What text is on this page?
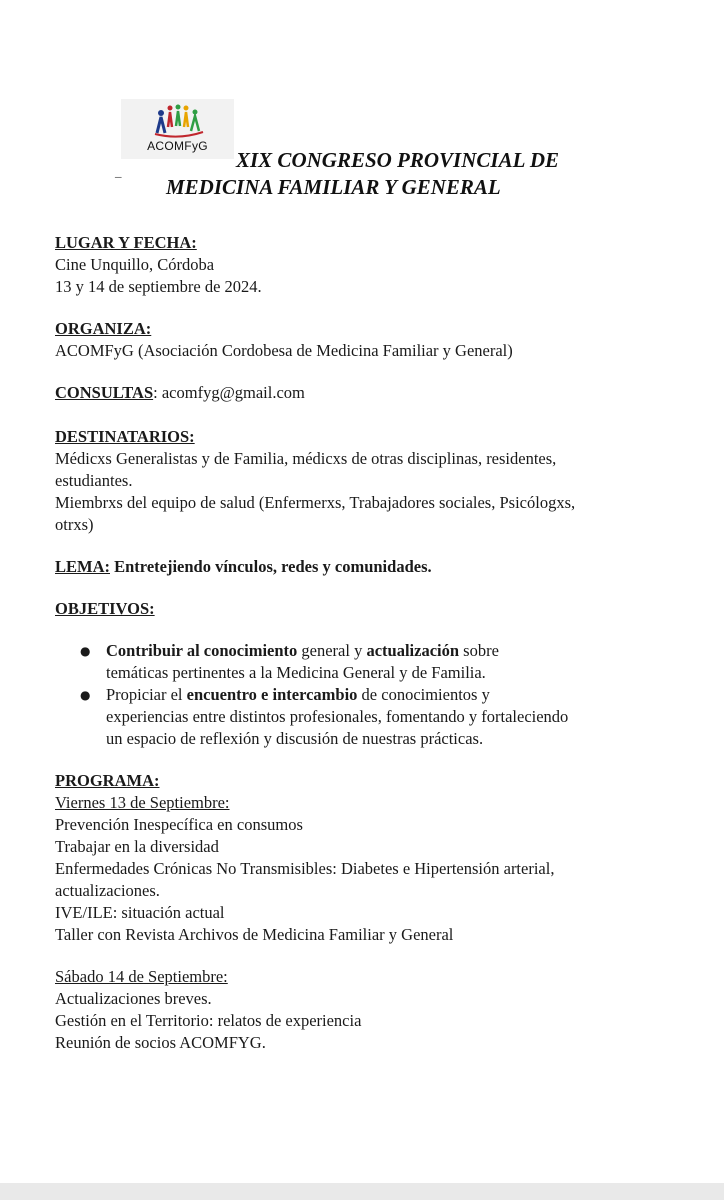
ACOMFyG
_	XIX CONGRESO PROVINCIAL DE
MEDICINA FAMILIAR Y GENERAL
LUGAR Y FECHA:
Cine Unquillo, Córdoba
13 y 14 de septiembre de 2024.
ORGANIZA:
ACOMFyG (Asociación Cordobesa de Medicina Familiar y General)
CONSULTAS: acomfyg@gmail.com
DESTINATARIOS:
Médicxs Generalistas y de Familia, médicxs de otras disciplinas, residentes,
estudiantes.
Miembrxs del equipo de salud (Enfermerxs, Trabajadores sociales, Psicólogxs,
otrxs)
LEMA: Entretejiendo vínculos, redes y comunidades.
OBJETIVOS:
● Contribuir al conocimiento general y actualización sobre
temáticas pertinentes a la Medicina General y de Familia.
● Propiciar el encuentro e intercambio de conocimientos y
experiencias entre distintos profesionales, fomentando y fortaleciendo
un espacio de reflexión y discusión de nuestras prácticas.
PROGRAMA:
Viernes 13 de Septiembre:
Prevención Inespecífica en consumos
Trabajar en la diversidad
Enfermedades Crónicas No Transmisibles: Diabetes e Hipertensión arterial,
actualizaciones.
IVE/ILE: situación actual
Taller con Revista Archivos de Medicina Familiar y General
Sábado 14 de Septiembre:
Actualizaciones breves.
Gestión en el Territorio: relatos de experiencia
Reunión de socios ACOMFYG.
